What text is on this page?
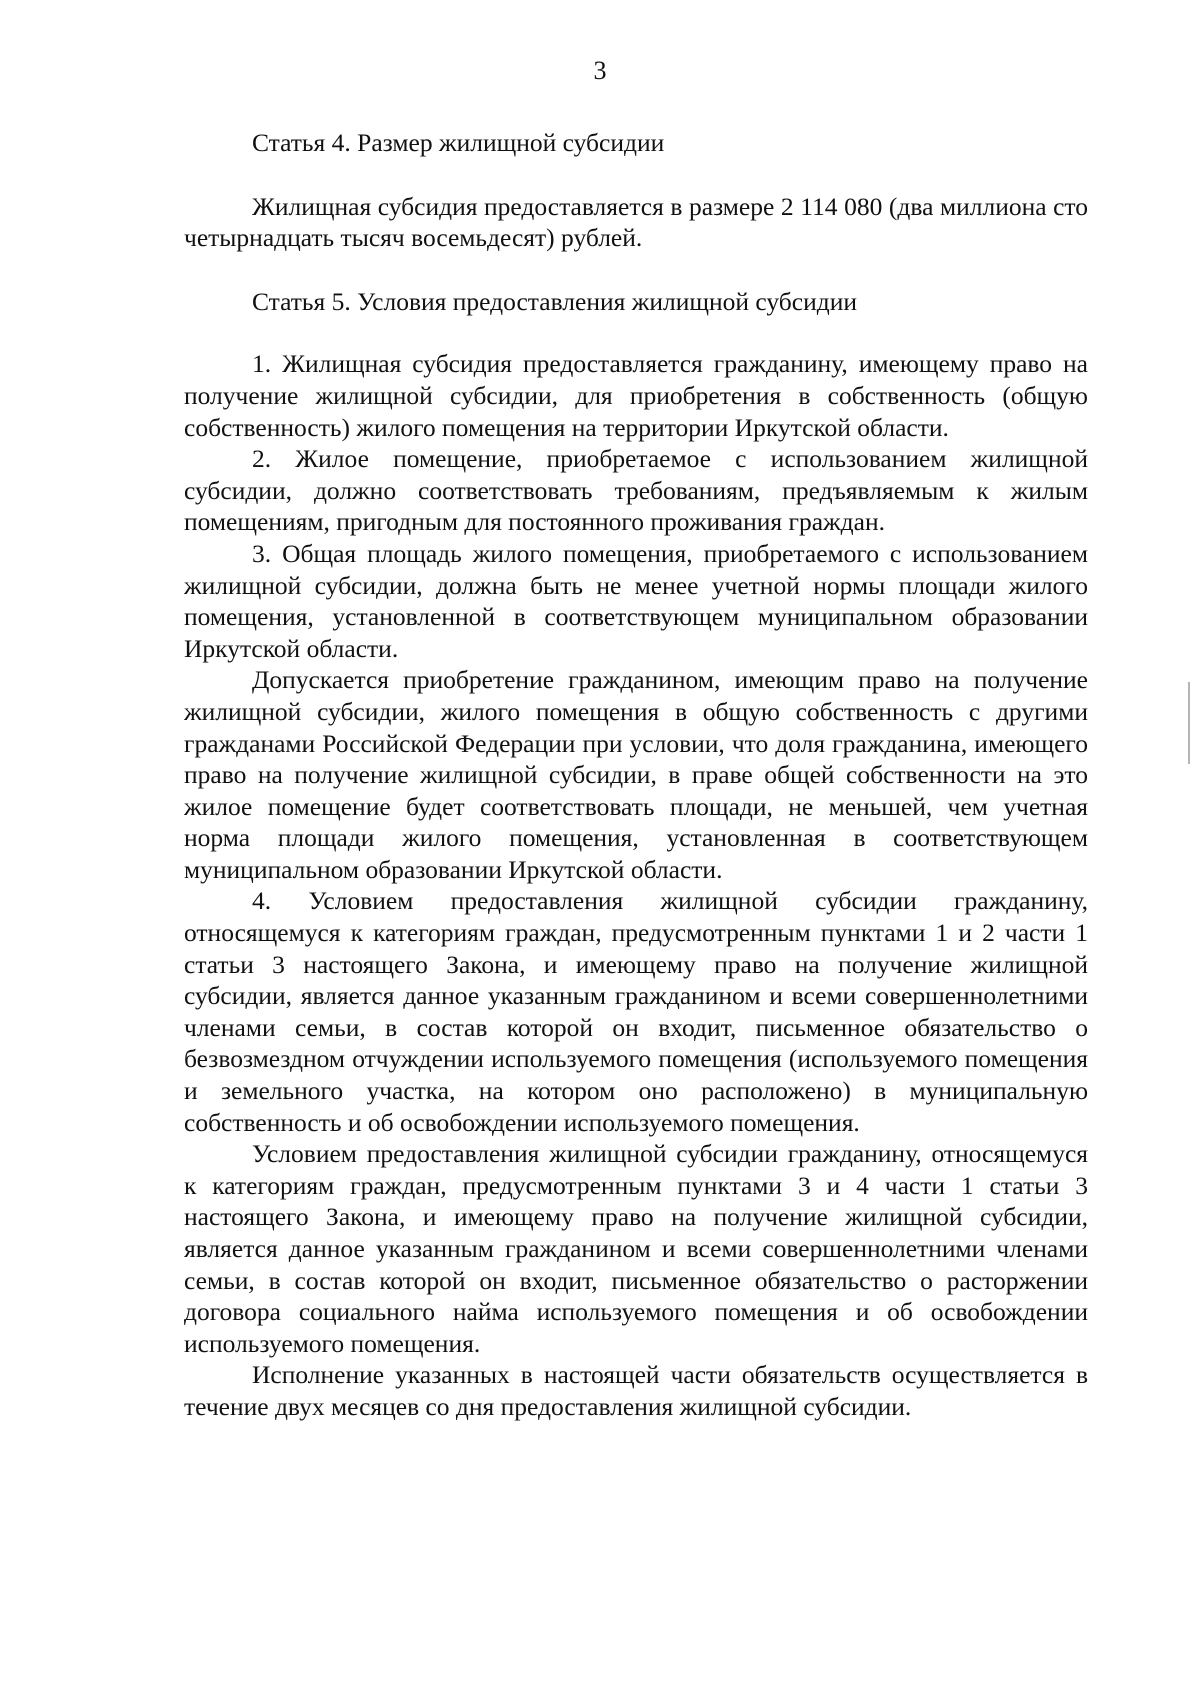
3

Статья 4. Размер жилищной субсидии

Жилищная субсидия предоставляется в размере 2 114 080 (два миллиона сто четырнадцать тысяч восемьдесят) рублей.

Статья 5. Условия предоставления жилищной субсидии

1. Жилищная субсидия предоставляется гражданину, имеющему право на получение жилищной субсидии, для приобретения в собственность (общую собственность) жилого помещения на территории Иркутской области.

2. Жилое помещение, приобретаемое с использованием жилищной субсидии, должно соответствовать требованиям, предъявляемым к жилым помещениям, пригодным для постоянного проживания граждан.

3. Общая площадь жилого помещения, приобретаемого с использованием жилищной субсидии, должна быть не менее учетной нормы площади жилого помещения, установленной в соответствующем муниципальном образовании Иркутской области.

Допускается приобретение гражданином, имеющим право на получение жилищной субсидии, жилого помещения в общую собственность с другими гражданами Российской Федерации при условии, что доля гражданина, имеющего право на получение жилищной субсидии, в праве общей собственности на это жилое помещение будет соответствовать площади, не меньшей, чем учетная норма площади жилого помещения, установленная в соответствующем муниципальном образовании Иркутской области.

4. Условием предоставления жилищной субсидии гражданину, относящемуся к категориям граждан, предусмотренным пунктами 1 и 2 части 1 статьи 3 настоящего Закона, и имеющему право на получение жилищной субсидии, является данное указанным гражданином и всеми совершеннолетними членами семьи, в состав которой он входит, письменное обязательство о безвозмездном отчуждении используемого помещения (используемого помещения и земельного участка, на котором оно расположено) в муниципальную собственность и об освобождении используемого помещения.

Условием предоставления жилищной субсидии гражданину, относящемуся к категориям граждан, предусмотренным пунктами 3 и 4 части 1 статьи 3 настоящего Закона, и имеющему право на получение жилищной субсидии, является данное указанным гражданином и всеми совершеннолетними членами семьи, в состав которой он входит, письменное обязательство о расторжении договора социального найма используемого помещения и об освобождении используемого помещения.

Исполнение указанных в настоящей части обязательств осуществляется в течение двух месяцев со дня предоставления жилищной субсидии.
